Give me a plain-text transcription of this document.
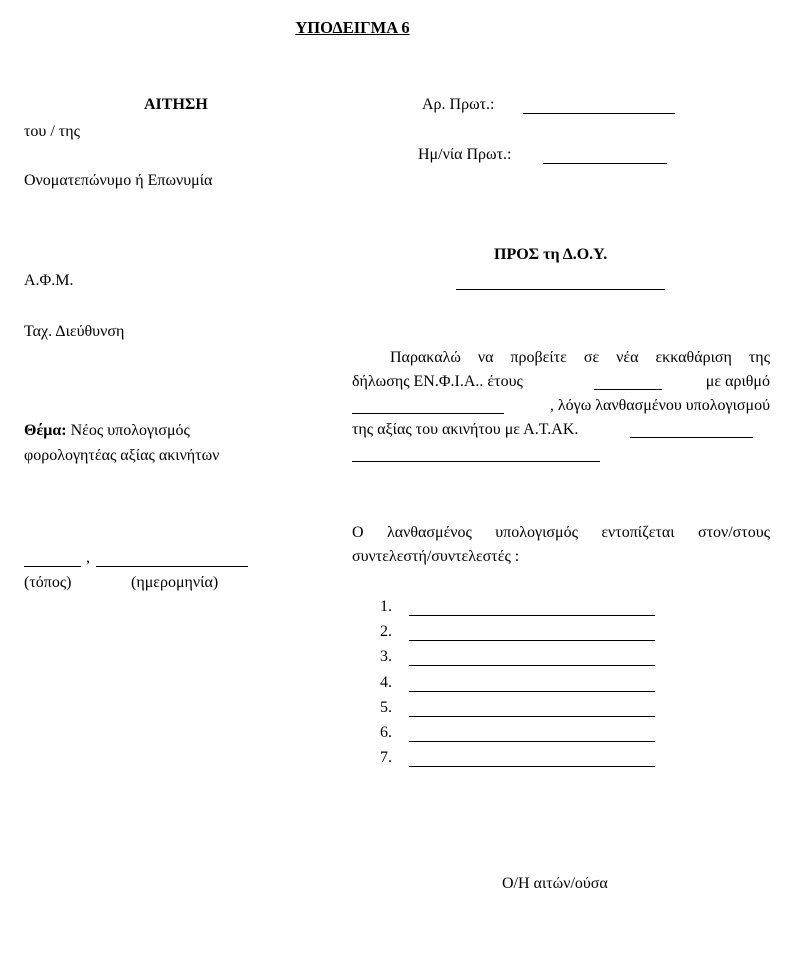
ΥΠΟΔΕΙΓΜΑ 6
ΑΙΤΗΣΗ
του / της
Ονοματεπώνυμο ή Επωνυμία
Α.Φ.Μ.
Ταχ. Διεύθυνση
Θέμα: Νέος υπολογισμός
φορολογητέας αξίας ακινήτων
,
(τόπος)	(ημερομηνία)
Αρ. Πρωτ.:
Ημ/νία Πρωτ.:
ΠΡΟΣ τη Δ.Ο.Υ.
Παρακαλώ να προβείτε σε νέα εκκαθάριση της
δήλωσης ΕΝ.Φ.Ι.Α.. έτους	με αριθμό
, λόγω λανθασμένου υπολογισμού
της αξίας του ακινήτου με Α.Τ.ΑΚ.
Ο λανθασμένος υπολογισμός εντοπίζεται στον/στους
συντελεστή/συντελεστές :
1.
2.
3.
4.
5.
6.
7.
Ο/Η αιτών/ούσα
